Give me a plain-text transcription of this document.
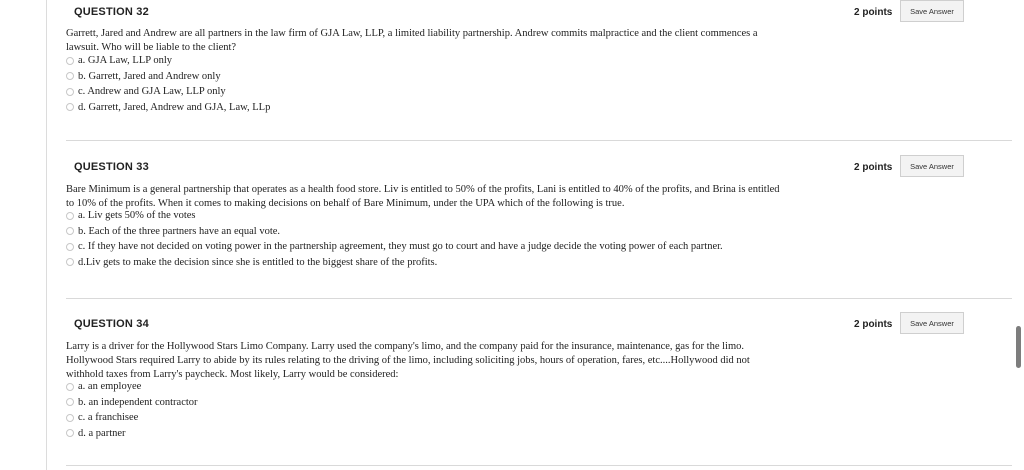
QUESTION 32	2 points	Save Answer
Garrett, Jared and Andrew are all partners in the law firm of GJA Law, LLP, a limited liability partnership. Andrew commits malpractice and the client commences a lawsuit. Who will be liable to the client?
a. GJA Law, LLP only
b. Garrett, Jared and Andrew only
c. Andrew and GJA Law, LLP only
d. Garrett, Jared, Andrew and GJA, Law, LLp
QUESTION 33	2 points	Save Answer
Bare Minimum is a general partnership that operates as a health food store. Liv is entitled to 50% of the profits, Lani is entitled to 40% of the profits, and Brina is entitled to 10% of the profits. When it comes to making decisions on behalf of Bare Minimum, under the UPA which of the following is true.
a. Liv gets 50% of the votes
b. Each of the three partners have an equal vote.
c. If they have not decided on voting power in the partnership agreement, they must go to court and have a judge decide the voting power of each partner.
d.Liv gets to make the decision since she is entitled to the biggest share of the profits.
QUESTION 34	2 points	Save Answer
Larry is a driver for the Hollywood Stars Limo Company. Larry used the company's limo, and the company paid for the insurance, maintenance, gas for the limo. Hollywood Stars required Larry to abide by its rules relating to the driving of the limo, including soliciting jobs, hours of operation, fares, etc....Hollywood did not withhold taxes from Larry's paycheck. Most likely, Larry would be considered:
a. an employee
b. an independent contractor
c. a franchisee
d. a partner
